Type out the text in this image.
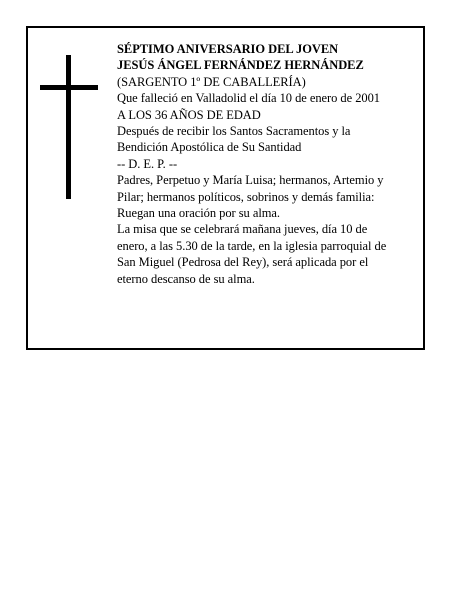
SÉPTIMO ANIVERSARIO DEL JOVEN
JESÚS ÁNGEL FERNÁNDEZ HERNÁNDEZ
(SARGENTO 1º DE CABALLERÍA)
Que falleció en Valladolid el día 10 de enero de 2001
A LOS 36 AÑOS DE EDAD
Después de recibir los Santos Sacramentos y la
Bendición Apostólica de Su Santidad
-- D. E. P. --
Padres, Perpetuo y María Luisa; hermanos, Artemio y
Pilar; hermanos políticos, sobrinos y demás familia:
Ruegan una oración por su alma.
La misa que se celebrará mañana jueves, día 10 de
enero, a las 5.30 de la tarde, en la iglesia parroquial de
San Miguel (Pedrosa del Rey), será aplicada por el
eterno descanso de su alma.
